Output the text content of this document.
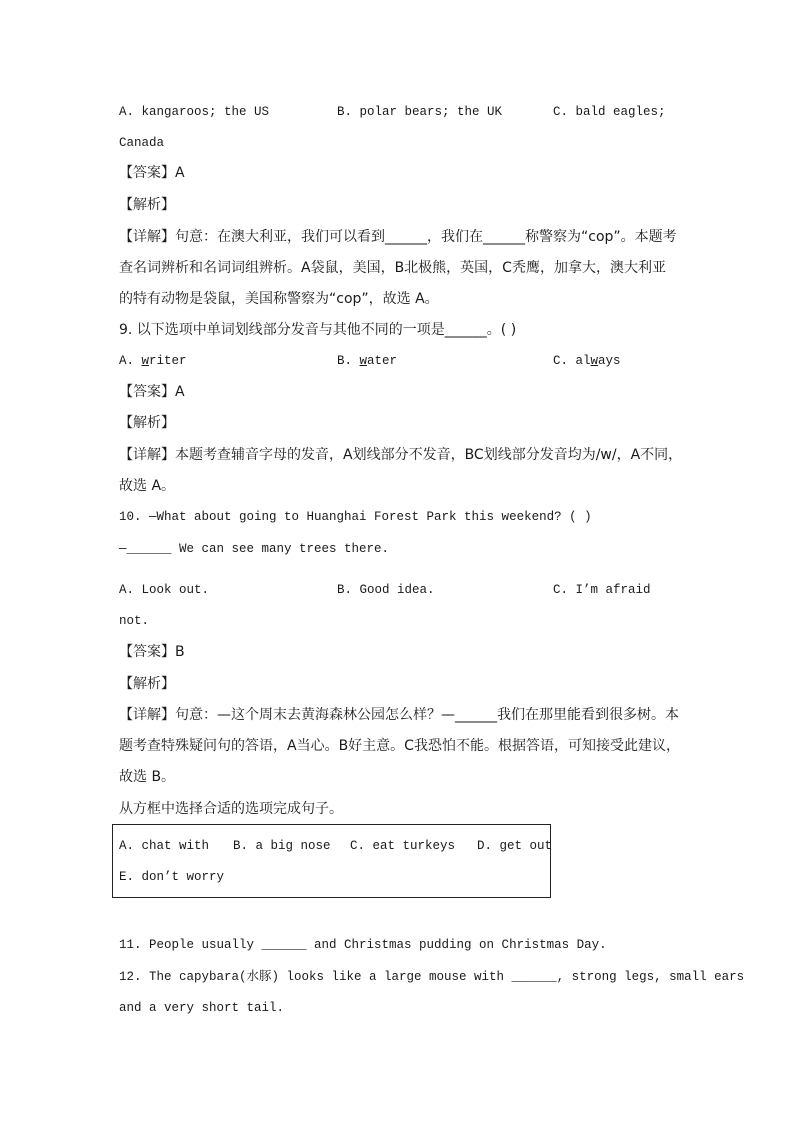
A. kangaroos; the US	B. polar bears; the UK	C. bald eagles;
Canada
【答案】A
【解析】
【详解】句意：在澳大利亚，我们可以看到______，我们在______称警察为“cop”。本题考
查名词辨析和名词词组辨析。A袋鼠，美国，B北极熊，英国，C秃鹰，加拿大，澳大利亚
的特有动物是袋鼠，美国称警察为“cop”，故选 A。
9. 以下选项中单词划线部分发音与其他不同的一项是______。( )
A. writer	B. water	C. always
【答案】A
【解析】
【详解】本题考查辅音字母的发音，A划线部分不发音，BC划线部分发音均为/w/，A不同，
故选 A。
10. —What about going to Huanghai Forest Park this weekend? ( )
—______ We can see many trees there.
A. Look out.	B. Good idea.	C. I’m afraid
not.
【答案】B
【解析】
【详解】句意：—这个周末去黄海森林公园怎么样？—______我们在那里能看到很多树。本
题考查特殊疑问句的答语，A当心。B好主意。C我恐怕不能。根据答语，可知接受此建议，
故选 B。
从方框中选择合适的选项完成句子。
A. chat with B. a big nose C. eat turkeys D. get out
E. don’t worry
11. People usually ______ and Christmas pudding on Christmas Day.
12. The capybara(水豚) looks like a large mouse with ______, strong legs, small ears
and a very short tail.
